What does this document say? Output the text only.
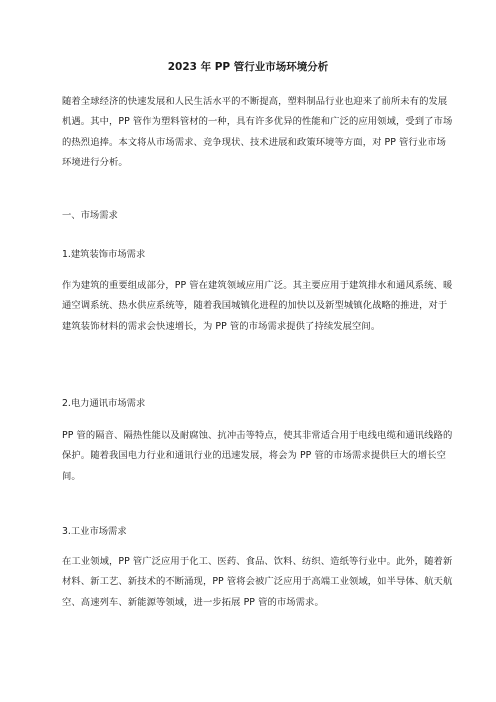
2023 年 PP 管行业市场环境分析

随着全球经济的快速发展和人民生活水平的不断提高，塑料制品行业也迎来了前所未有的发展机遇。其中，PP 管作为塑料管材的一种，具有许多优异的性能和广泛的应用领域，受到了市场的热烈追捧。本文将从市场需求、竞争现状、技术进展和政策环境等方面，对 PP 管行业市场环境进行分析。

一、市场需求

1.建筑装饰市场需求

作为建筑的重要组成部分，PP 管在建筑领域应用广泛。其主要应用于建筑排水和通风系统、暖通空调系统、热水供应系统等，随着我国城镇化进程的加快以及新型城镇化战略的推进，对于建筑装饰材料的需求会快速增长，为 PP 管的市场需求提供了持续发展空间。

2.电力通讯市场需求

PP 管的隔音、隔热性能以及耐腐蚀、抗冲击等特点，使其非常适合用于电线电缆和通讯线路的保护。随着我国电力行业和通讯行业的迅速发展，将会为 PP 管的市场需求提供巨大的增长空间。

3.工业市场需求

在工业领域，PP 管广泛应用于化工、医药、食品、饮料、纺织、造纸等行业中。此外，随着新材料、新工艺、新技术的不断涌现，PP 管将会被广泛应用于高端工业领域，如半导体、航天航空、高速列车、新能源等领域，进一步拓展 PP 管的市场需求。
